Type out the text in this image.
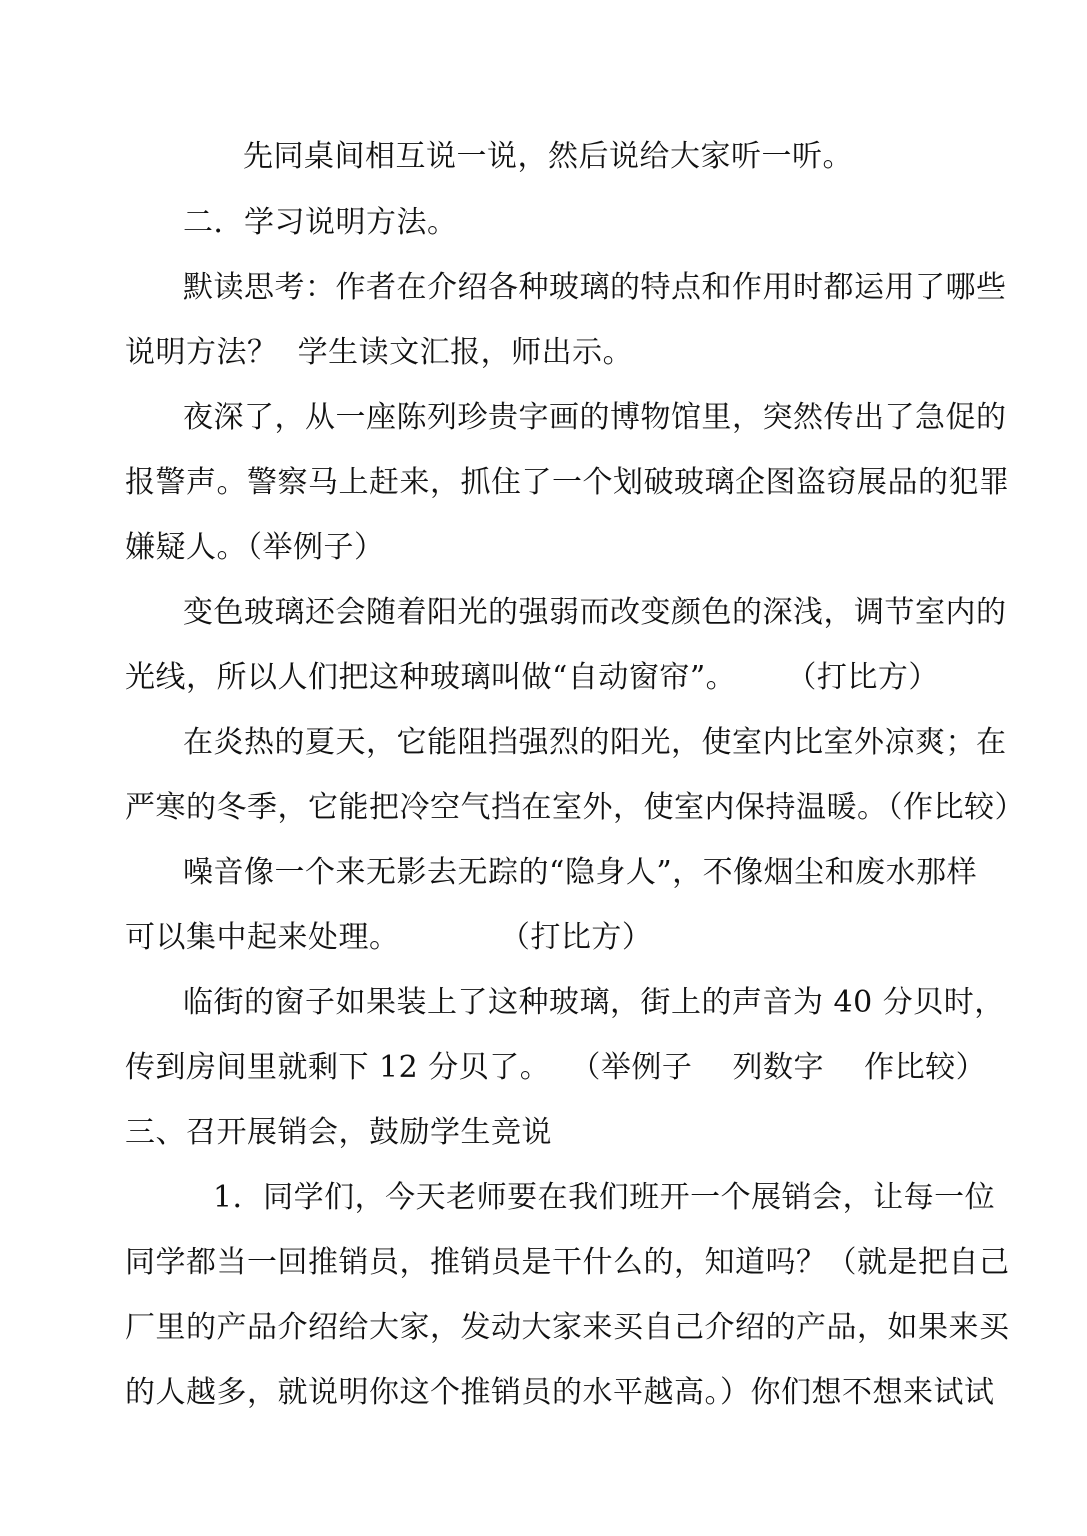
先同桌间相互说一说，然后说给大家听一听。
二．学习说明方法。
默读思考：作者在介绍各种玻璃的特点和作用时都运用了哪些
说明方法？  学生读文汇报，师出示。
夜深了，从一座陈列珍贵字画的博物馆里，突然传出了急促的
报警声。警察马上赶来，抓住了一个划破玻璃企图盗窃展品的犯罪
嫌疑人。（举例子）
变色玻璃还会随着阳光的强弱而改变颜色的深浅，调节室内的
光线，所以人们把这种玻璃叫做“自动窗帘”。     （打比方）
在炎热的夏天，它能阻挡强烈的阳光，使室内比室外凉爽；在
严寒的冬季，它能把冷空气挡在室外，使室内保持温暖。（作比较）
噪音像一个来无影去无踪的“隐身人”，不像烟尘和废水那样
可以集中起来处理。          （打比方）
临街的窗子如果装上了这种玻璃，街上的声音为 40 分贝时，
传到房间里就剩下 12 分贝了。  （举例子    列数字    作比较）
三、召开展销会，鼓励学生竞说
1．同学们，今天老师要在我们班开一个展销会，让每一位
同学都当一回推销员，推销员是干什么的，知道吗？（就是把自己
厂里的产品介绍给大家，发动大家来买自己介绍的产品，如果来买
的人越多，就说明你这个推销员的水平越高。）你们想不想来试试
